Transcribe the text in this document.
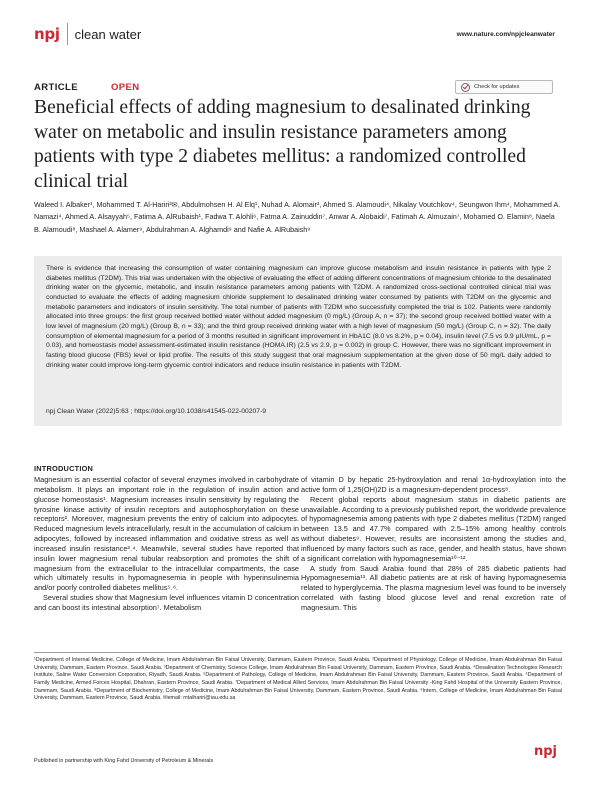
npj clean water	www.nature.com/npjcleanwater
ARTICLE	OPEN	Check for updates
Beneficial effects of adding magnesium to desalinated drinking water on metabolic and insulin resistance parameters among patients with type 2 diabetes mellitus: a randomized controlled clinical trial

Waleed I. Albaker¹, Mohammed T. Al-Hariri²✉, Abdulmohsen H. Al Elq¹, Nuhad A. Alomair³, Ahmed S. Alamoudi⁴, Nikalay Voutchkov⁴, Seungwon Ihm⁴, Mohammed A. Namazi⁴, Ahmed A. Alsayyah⁵, Fatima A. AlRubaish¹, Fadwa T. Alohli⁶, Fatma A. Zainuddin⁷, Anwar A. Alobaidi⁷, Fatimah A. Almuzain⁷, Mohamed O. Elamin⁸, Naela B. Alamoudi⁸, Mashael A. Alamer⁹, Abdulrahman A. Alghamdi⁹ and Nafie A. AlRubaish⁹

There is evidence that increasing the consumption of water containing magnesium can improve glucose metabolism and insulin resistance in patients with type 2 diabetes mellitus (T2DM). This trial was undertaken with the objective of evaluating the effect of adding different concentrations of magnesium chloride to the desalinated drinking water on the glycemic, metabolic, and insulin resistance parameters among patients with T2DM. A randomized cross-sectional controlled clinical trial was conducted to evaluate the effects of adding magnesium chloride supplement to desalinated drinking water consumed by patients with T2DM on the glycemic and metabolic parameters and indicators of insulin sensitivity. The total number of patients with T2DM who successfully completed the trial is 102. Patients were randomly allocated into three groups: the first group received bottled water without added magnesium (0 mg/L) (Group A, n = 37); the second group received bottled water with a low level of magnesium (20 mg/L) (Group B, n = 33); and the third group received drinking water with a high level of magnesium (50 mg/L) (Group C, n = 32). The daily consumption of elemental magnesium for a period of 3 months resulted in significant improvement in HbA1C (8.0 vs 8.2%, p = 0.04), insulin level (7.5 vs 9.9 µIU/mL, p = 0.03), and homeostasis model assessment-estimated insulin resistance (HOMA.IR) (2.5 vs 2.9, p = 0.002) in group C. However, there was no significant improvement in fasting blood glucose (FBS) level or lipid profile. The results of this study suggest that oral magnesium supplementation at the given dose of 50 mg/L daily added to drinking water could improve long-term glycemic control indicators and reduce insulin resistance in patients with T2DM.

npj Clean Water (2022)5:63 ; https://doi.org/10.1038/s41545-022-00207-9
INTRODUCTION

Magnesium is an essential cofactor of several enzymes involved in carbohydrate metabolism. It plays an important role in the regulation of insulin action and glucose homeostasis¹. Magnesium increases insulin sensitivity by regulating the tyrosine kinase activity of insulin receptors and autophosphorylation on these receptors². Moreover, magnesium prevents the entry of calcium into adipocytes. Reduced magnesium levels intracellularly, result in the accumulation of calcium in adipocytes, followed by increased inflammation and oxidative stress as well as increased insulin resistance³˒⁴. Meanwhile, several studies have reported that insulin lower magnesium renal tubular reabsorption and promotes the shift of magnesium from the extracellular to the intracellular compartments, the case which ultimately results in hypomagnesemia in people with hyperinsulinemia and/or poorly controlled diabetes mellitus⁵˒⁶.

Several studies show that Magnesium level influences vitamin D concentration and can boost its intestinal absorption⁷. Metabolism

of vitamin D by hepatic 25-hydroxylation and renal 1α-hydroxylation into the active form of 1,25(OH)2D is a magnesium-dependent process⁸.

Recent global reports about magnesium status in diabetic patients are unavailable. According to a previously published report, the worldwide prevalence of hypomagnesemia among patients with type 2 diabetes mellitus (T2DM) ranged between 13.5 and 47.7% compared with 2.5–15% among healthy controls without diabetes⁹. However, results are inconsistent among the studies and, influenced by many factors such as race, gender, and health status, have shown a significant correlation with hypomagnesemia¹⁰⁻¹².

A study from Saudi Arabia found that 28% of 285 diabetic patients had Hypomagnesemia¹³. All diabetic patients are at risk of having hypomagnesemia related to hyperglycemia. The plasma magnesium level was found to be inversely correlated with fasting blood glucose level and renal excretion rate of magnesium. This

¹Department of Internal Medicine, College of Medicine, Imam Abdulrahman Bin Faisal University, Dammam, Eastern Province, Saudi Arabia. ²Department of Physiology, College of Medicine, Imam Abdulrahman Bin Faisal University, Dammam, Eastern Province, Saudi Arabia. ³Department of Chemistry, Science College, Imam Abdulrahman Bin Faisal University, Dammam, Eastern Province, Saudi Arabia. ⁴Desalination Technologies Research Institute, Saline Water Conversion Corporation, Riyadh, Saudi Arabia. ⁵Department of Pathology, College of Medicine, Imam Abdulrahman Bin Faisal University, Dammam, Eastern Province, Saudi Arabia. ⁶Department of Family Medicine, Armed Forces Hospital, Dhahran, Eastern Province, Saudi Arabia. ⁷Department of Medical Allied Services, Imam Abdulrahman Bin Faisal University -King Fahd Hospital of the University Eastern Province, Dammam, Saudi Arabia. ⁸Department of Biochemistry, College of Medicine, Imam Abdulrahman Bin Faisal University, Dammam, Eastern Province, Saudi Arabia. ⁹Intern, College of Medicine, Imam Abdulrahman Bin Faisal University, Dammam, Eastern Province, Saudi Arabia. ✉email: mtalhariri@iau.edu.sa

Published in partnership with King Fahd University of Petroleum & Minerals
npj
